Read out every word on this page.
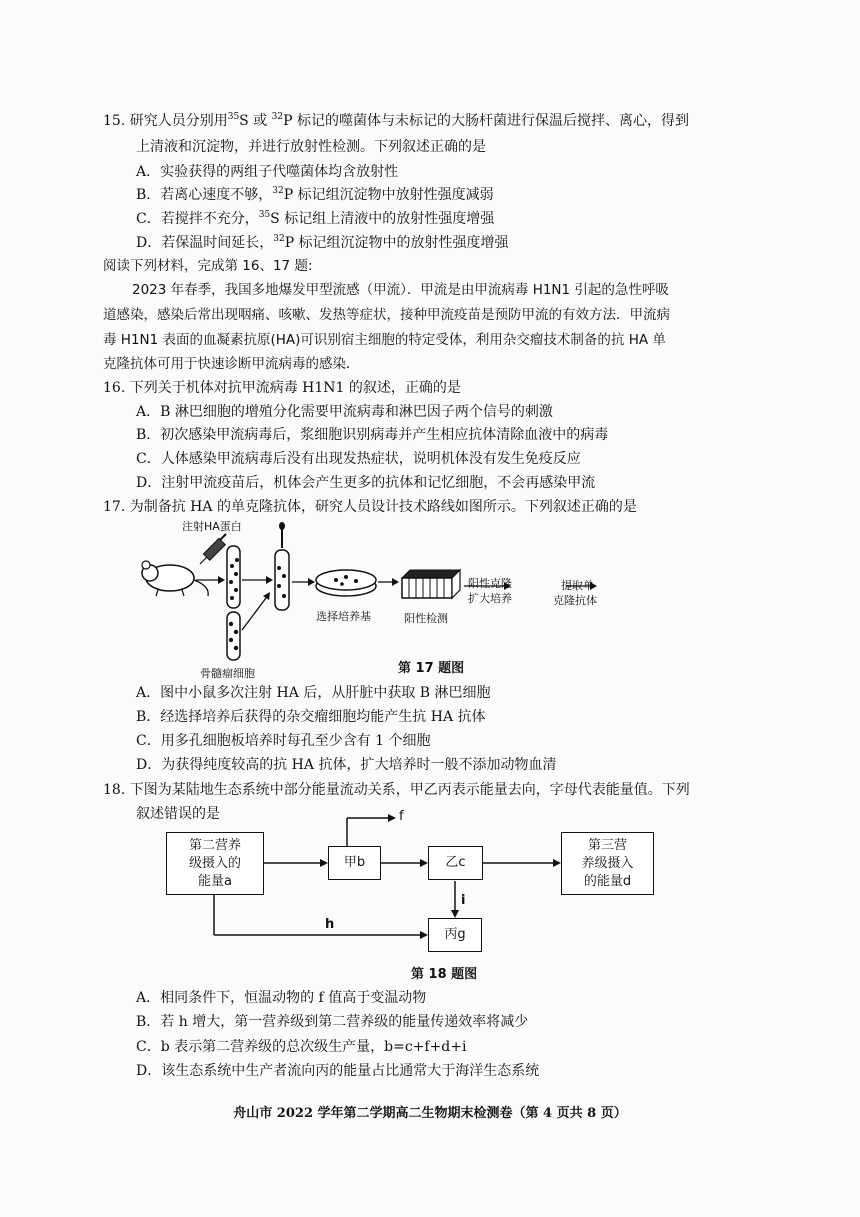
15. 研究人员分别用$^{35}$S 或 $^{32}$P 标记的噬菌体与未标记的大肠杆菌进行保温后搅拌、离心，得到
上清液和沉淀物，并进行放射性检测。下列叙述正确的是
A．实验获得的两组子代噬菌体均含放射性
B．若离心速度不够，$^{32}$P 标记组沉淀物中放射性强度减弱
C．若搅拌不充分，$^{35}$S 标记组上清液中的放射性强度增强
D．若保温时间延长，$^{32}$P 标记组沉淀物中的放射性强度增强
阅读下列材料，完成第 16、17 题:
2023 年春季，我国多地爆发甲型流感（甲流）．甲流是由甲流病毒 H1N1 引起的急性呼吸
道感染，感染后常出现咽痛、咳嗽、发热等症状，接种甲流疫苗是预防甲流的有效方法．甲流病
毒 H1N1 表面的血凝素抗原(HA)可识别宿主细胞的特定受体，利用杂交瘤技术制备的抗 HA 单
克隆抗体可用于快速诊断甲流病毒的感染．
16. 下列关于机体对抗甲流病毒 H1N1 的叙述，正确的是
A．B 淋巴细胞的增殖分化需要甲流病毒和淋巴因子两个信号的刺激
B．初次感染甲流病毒后，浆细胞识别病毒并产生相应抗体清除血液中的病毒
C．人体感染甲流病毒后没有出现发热症状，说明机体没有发生免疫反应
D．注射甲流疫苗后，机体会产生更多的抗体和记忆细胞，不会再感染甲流
17. 为制备抗 HA 的单克隆抗体，研究人员设计技术路线如图所示。下列叙述正确的是
注射HA蛋白
骨髓瘤细胞
选择培养基	阳性检测
阳性克隆
扩大培养
提取单
克隆抗体
第 17 题图
A．图中小鼠多次注射 HA 后，从肝脏中获取 B 淋巴细胞
B．经选择培养后获得的杂交瘤细胞均能产生抗 HA 抗体
C．用多孔细胞板培养时每孔至少含有 1 个细胞
D．为获得纯度较高的抗 HA 抗体，扩大培养时一般不添加动物血清
18. 下图为某陆地生态系统中部分能量流动关系，甲乙丙表示能量去向，字母代表能量值。下列
叙述错误的是
第二营养
级摄入的
能量a
甲b	乙c
第三营
养级摄入
的能量d
丙g
f
h
i
第 18 题图
A．相同条件下，恒温动物的 f 值高于变温动物
B．若 h 增大，第一营养级到第二营养级的能量传递效率将减少
C．b 表示第二营养级的总次级生产量，b=c+f+d+i
D．该生态系统中生产者流向丙的能量占比通常大于海洋生态系统
舟山市 2022 学年第二学期高二生物期末检测卷（第 4 页共 8 页）
